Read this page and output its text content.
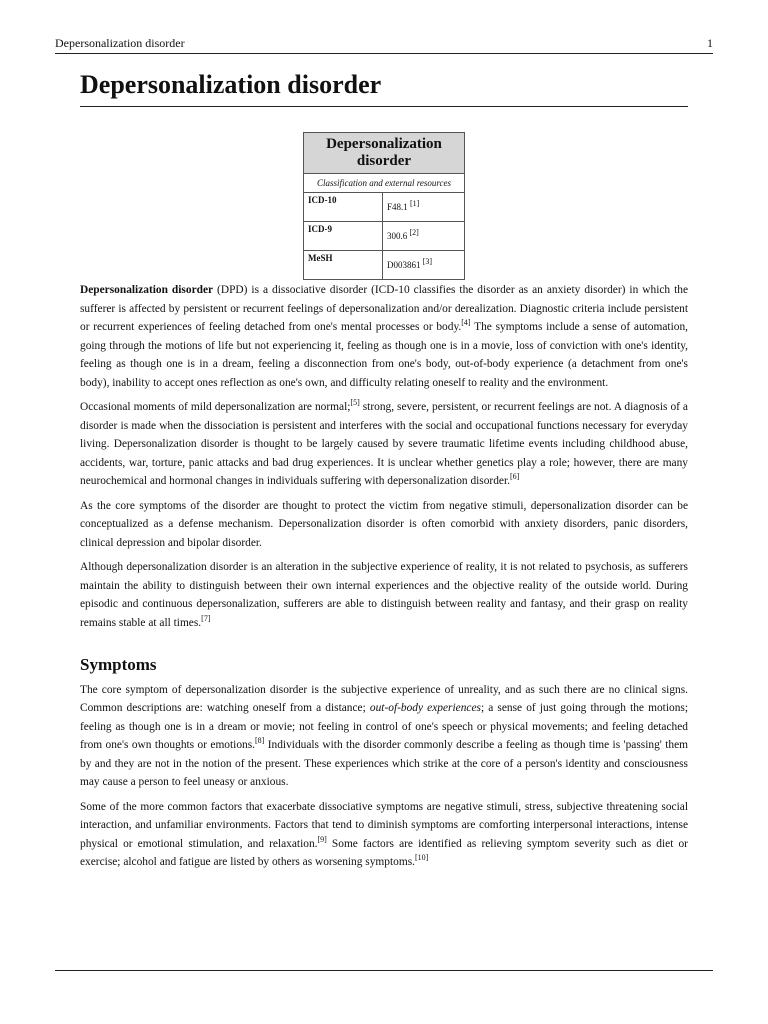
Depersonalization disorder	1
Depersonalization disorder
Depersonalization disorder	
Classification and external resources	
ICD-10	F48.1 [1]
ICD-9	300.6 [2]
MeSH	D003861 [3]

Depersonalization disorder (DPD) is a dissociative disorder (ICD-10 classifies the disorder as an anxiety disorder) in which the sufferer is affected by persistent or recurrent feelings of depersonalization and/or derealization. Diagnostic criteria include persistent or recurrent experiences of feeling detached from one's mental processes or body.[4] The symptoms include a sense of automation, going through the motions of life but not experiencing it, feeling as though one is in a movie, loss of conviction with one's identity, feeling as though one is in a dream, feeling a disconnection from one's body, out-of-body experience (a detachment from one's body), inability to accept ones reflection as one's own, and difficulty relating oneself to reality and the environment.

Occasional moments of mild depersonalization are normal;[5] strong, severe, persistent, or recurrent feelings are not. A diagnosis of a disorder is made when the dissociation is persistent and interferes with the social and occupational functions necessary for everyday living. Depersonalization disorder is thought to be largely caused by severe traumatic lifetime events including childhood abuse, accidents, war, torture, panic attacks and bad drug experiences. It is unclear whether genetics play a role; however, there are many neurochemical and hormonal changes in individuals suffering with depersonalization disorder.[6]

As the core symptoms of the disorder are thought to protect the victim from negative stimuli, depersonalization disorder can be conceptualized as a defense mechanism. Depersonalization disorder is often comorbid with anxiety disorders, panic disorders, clinical depression and bipolar disorder.

Although depersonalization disorder is an alteration in the subjective experience of reality, it is not related to psychosis, as sufferers maintain the ability to distinguish between their own internal experiences and the objective reality of the outside world. During episodic and continuous depersonalization, sufferers are able to distinguish between reality and fantasy, and their grasp on reality remains stable at all times.[7]

Symptoms

The core symptom of depersonalization disorder is the subjective experience of unreality, and as such there are no clinical signs. Common descriptions are: watching oneself from a distance; out-of-body experiences; a sense of just going through the motions; feeling as though one is in a dream or movie; not feeling in control of one's speech or physical movements; and feeling detached from one's own thoughts or emotions.[8] Individuals with the disorder commonly describe a feeling as though time is 'passing' them by and they are not in the notion of the present. These experiences which strike at the core of a person's identity and consciousness may cause a person to feel uneasy or anxious.

Some of the more common factors that exacerbate dissociative symptoms are negative stimuli, stress, subjective threatening social interaction, and unfamiliar environments. Factors that tend to diminish symptoms are comforting interpersonal interactions, intense physical or emotional stimulation, and relaxation.[9] Some factors are identified as relieving symptom severity such as diet or exercise; alcohol and fatigue are listed by others as worsening symptoms.[10]
